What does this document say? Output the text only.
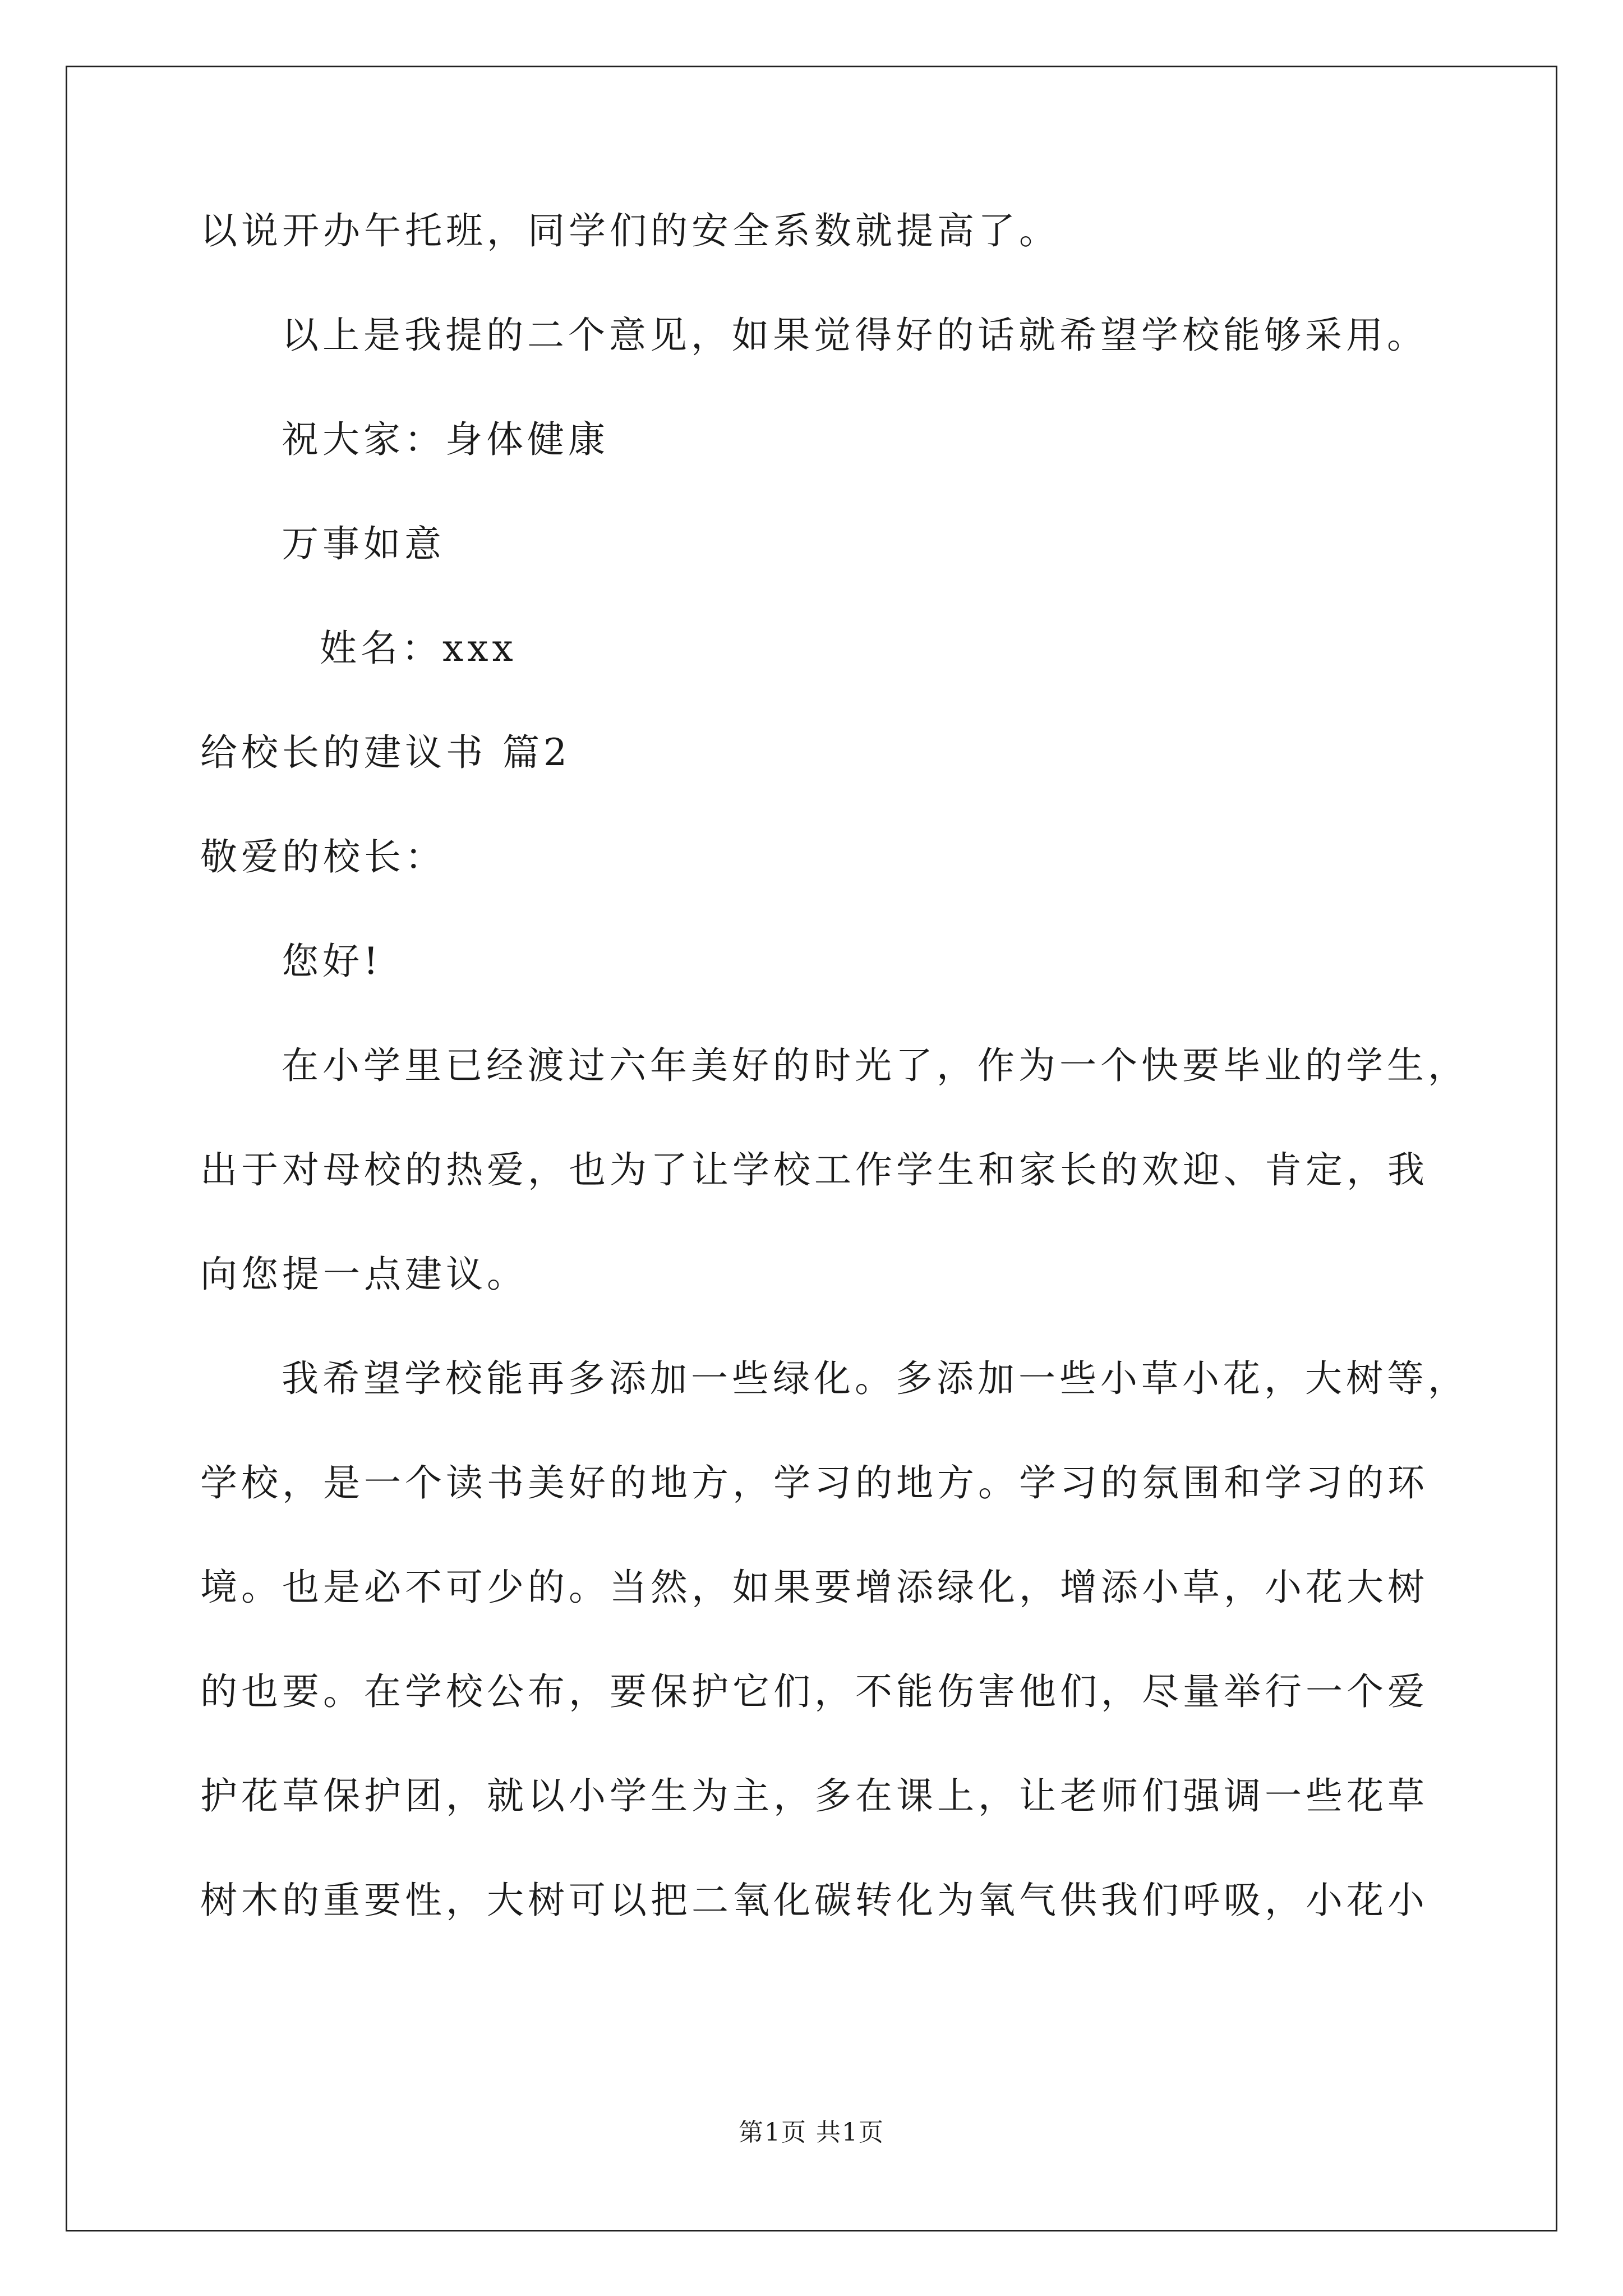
以说开办午托班，同学们的安全系数就提高了。
以上是我提的二个意见，如果觉得好的话就希望学校能够采用。
祝大家：身体健康
万事如意
姓名：xxx
给校长的建议书 篇2
敬爱的校长：
您好!
在小学里已经渡过六年美好的时光了，作为一个快要毕业的学生，
出于对母校的热爱，也为了让学校工作学生和家长的欢迎、肯定，我
向您提一点建议。
我希望学校能再多添加一些绿化。多添加一些小草小花，大树等，
学校，是一个读书美好的地方，学习的地方。学习的氛围和学习的环
境。也是必不可少的。当然，如果要增添绿化，增添小草，小花大树
的也要。在学校公布，要保护它们，不能伤害他们，尽量举行一个爱
护花草保护团，就以小学生为主，多在课上，让老师们强调一些花草
树木的重要性，大树可以把二氧化碳转化为氧气供我们呼吸，小花小
第1页 共1页
